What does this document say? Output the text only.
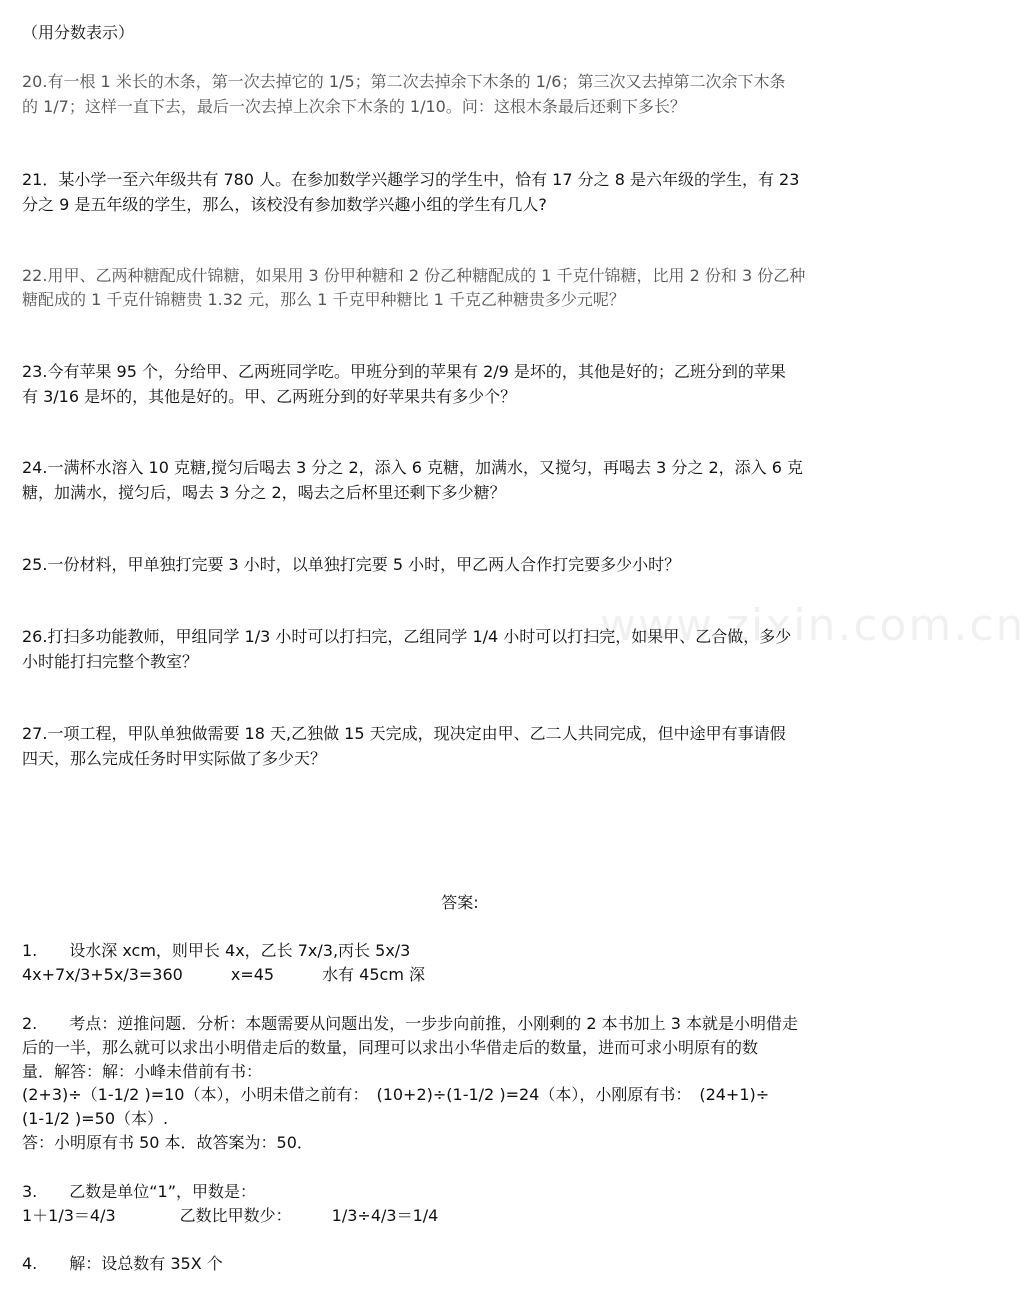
（用分数表示）
20.有一根 1 米长的木条，第一次去掉它的 1/5；第二次去掉余下木条的 1/6；第三次又去掉第二次余下木条
的 1/7；这样一直下去，最后一次去掉上次余下木条的 1/10。问：这根木条最后还剩下多长？
21．某小学一至六年级共有 780 人。在参加数学兴趣学习的学生中，恰有 17 分之 8 是六年级的学生，有 23
分之 9 是五年级的学生，那么，该校没有参加数学兴趣小组的学生有几人?
22.用甲、乙两种糖配成什锦糖，如果用 3 份甲种糖和 2 份乙种糖配成的 1 千克什锦糖，比用 2 份和 3 份乙种
糖配成的 1 千克什锦糖贵 1.32 元，那么 1 千克甲种糖比 1 千克乙种糖贵多少元呢？
23.今有苹果 95 个，分给甲、乙两班同学吃。甲班分到的苹果有 2/9 是坏的，其他是好的；乙班分到的苹果
有 3/16 是坏的，其他是好的。甲、乙两班分到的好苹果共有多少个？
24.一满杯水溶入 10 克糖,搅匀后喝去 3 分之 2，添入 6 克糖，加满水，又搅匀，再喝去 3 分之 2，添入 6 克
糖，加满水，搅匀后，喝去 3 分之 2，喝去之后杯里还剩下多少糖？
25.一份材料，甲单独打完要 3 小时，以单独打完要 5 小时，甲乙两人合作打完要多少小时？
26.打扫多功能教师，甲组同学 1/3 小时可以打扫完，乙组同学 1/4 小时可以打扫完，如果甲、乙合做，多少
小时能打扫完整个教室？
27.一项工程，甲队单独做需要 18 天,乙独做 15 天完成，现决定由甲、乙二人共同完成，但中途甲有事请假
四天，那么完成任务时甲实际做了多少天？
www.zixin.com.cn
答案:
1.　　设水深 xcm，则甲长 4x，乙长 7x/3,丙长 5x/3
4x+7x/3+5x/3=360　　　x=45　　　水有 45cm 深
2.　　考点：逆推问题．分析：本题需要从问题出发，一步步向前推，小刚剩的 2 本书加上 3 本就是小明借走
后的一半，那么就可以求出小明借走后的数量，同理可以求出小华借走后的数量，进而可求小明原有的数
量．解答：解：小峰未借前有书：
(2+3)÷（1-1/2 )=10（本），小明未借之前有：　(10+2)÷(1-1/2 )=24（本），小刚原有书：　(24+1)÷
(1-1/2 )=50（本）.
答：小明原有书 50 本．故答案为：50．
3.　　乙数是单位“1”，甲数是：
1＋1/3＝4/3　　　　乙数比甲数少：　　　1/3÷4/3＝1/4
4.　　解：设总数有 35X 个
